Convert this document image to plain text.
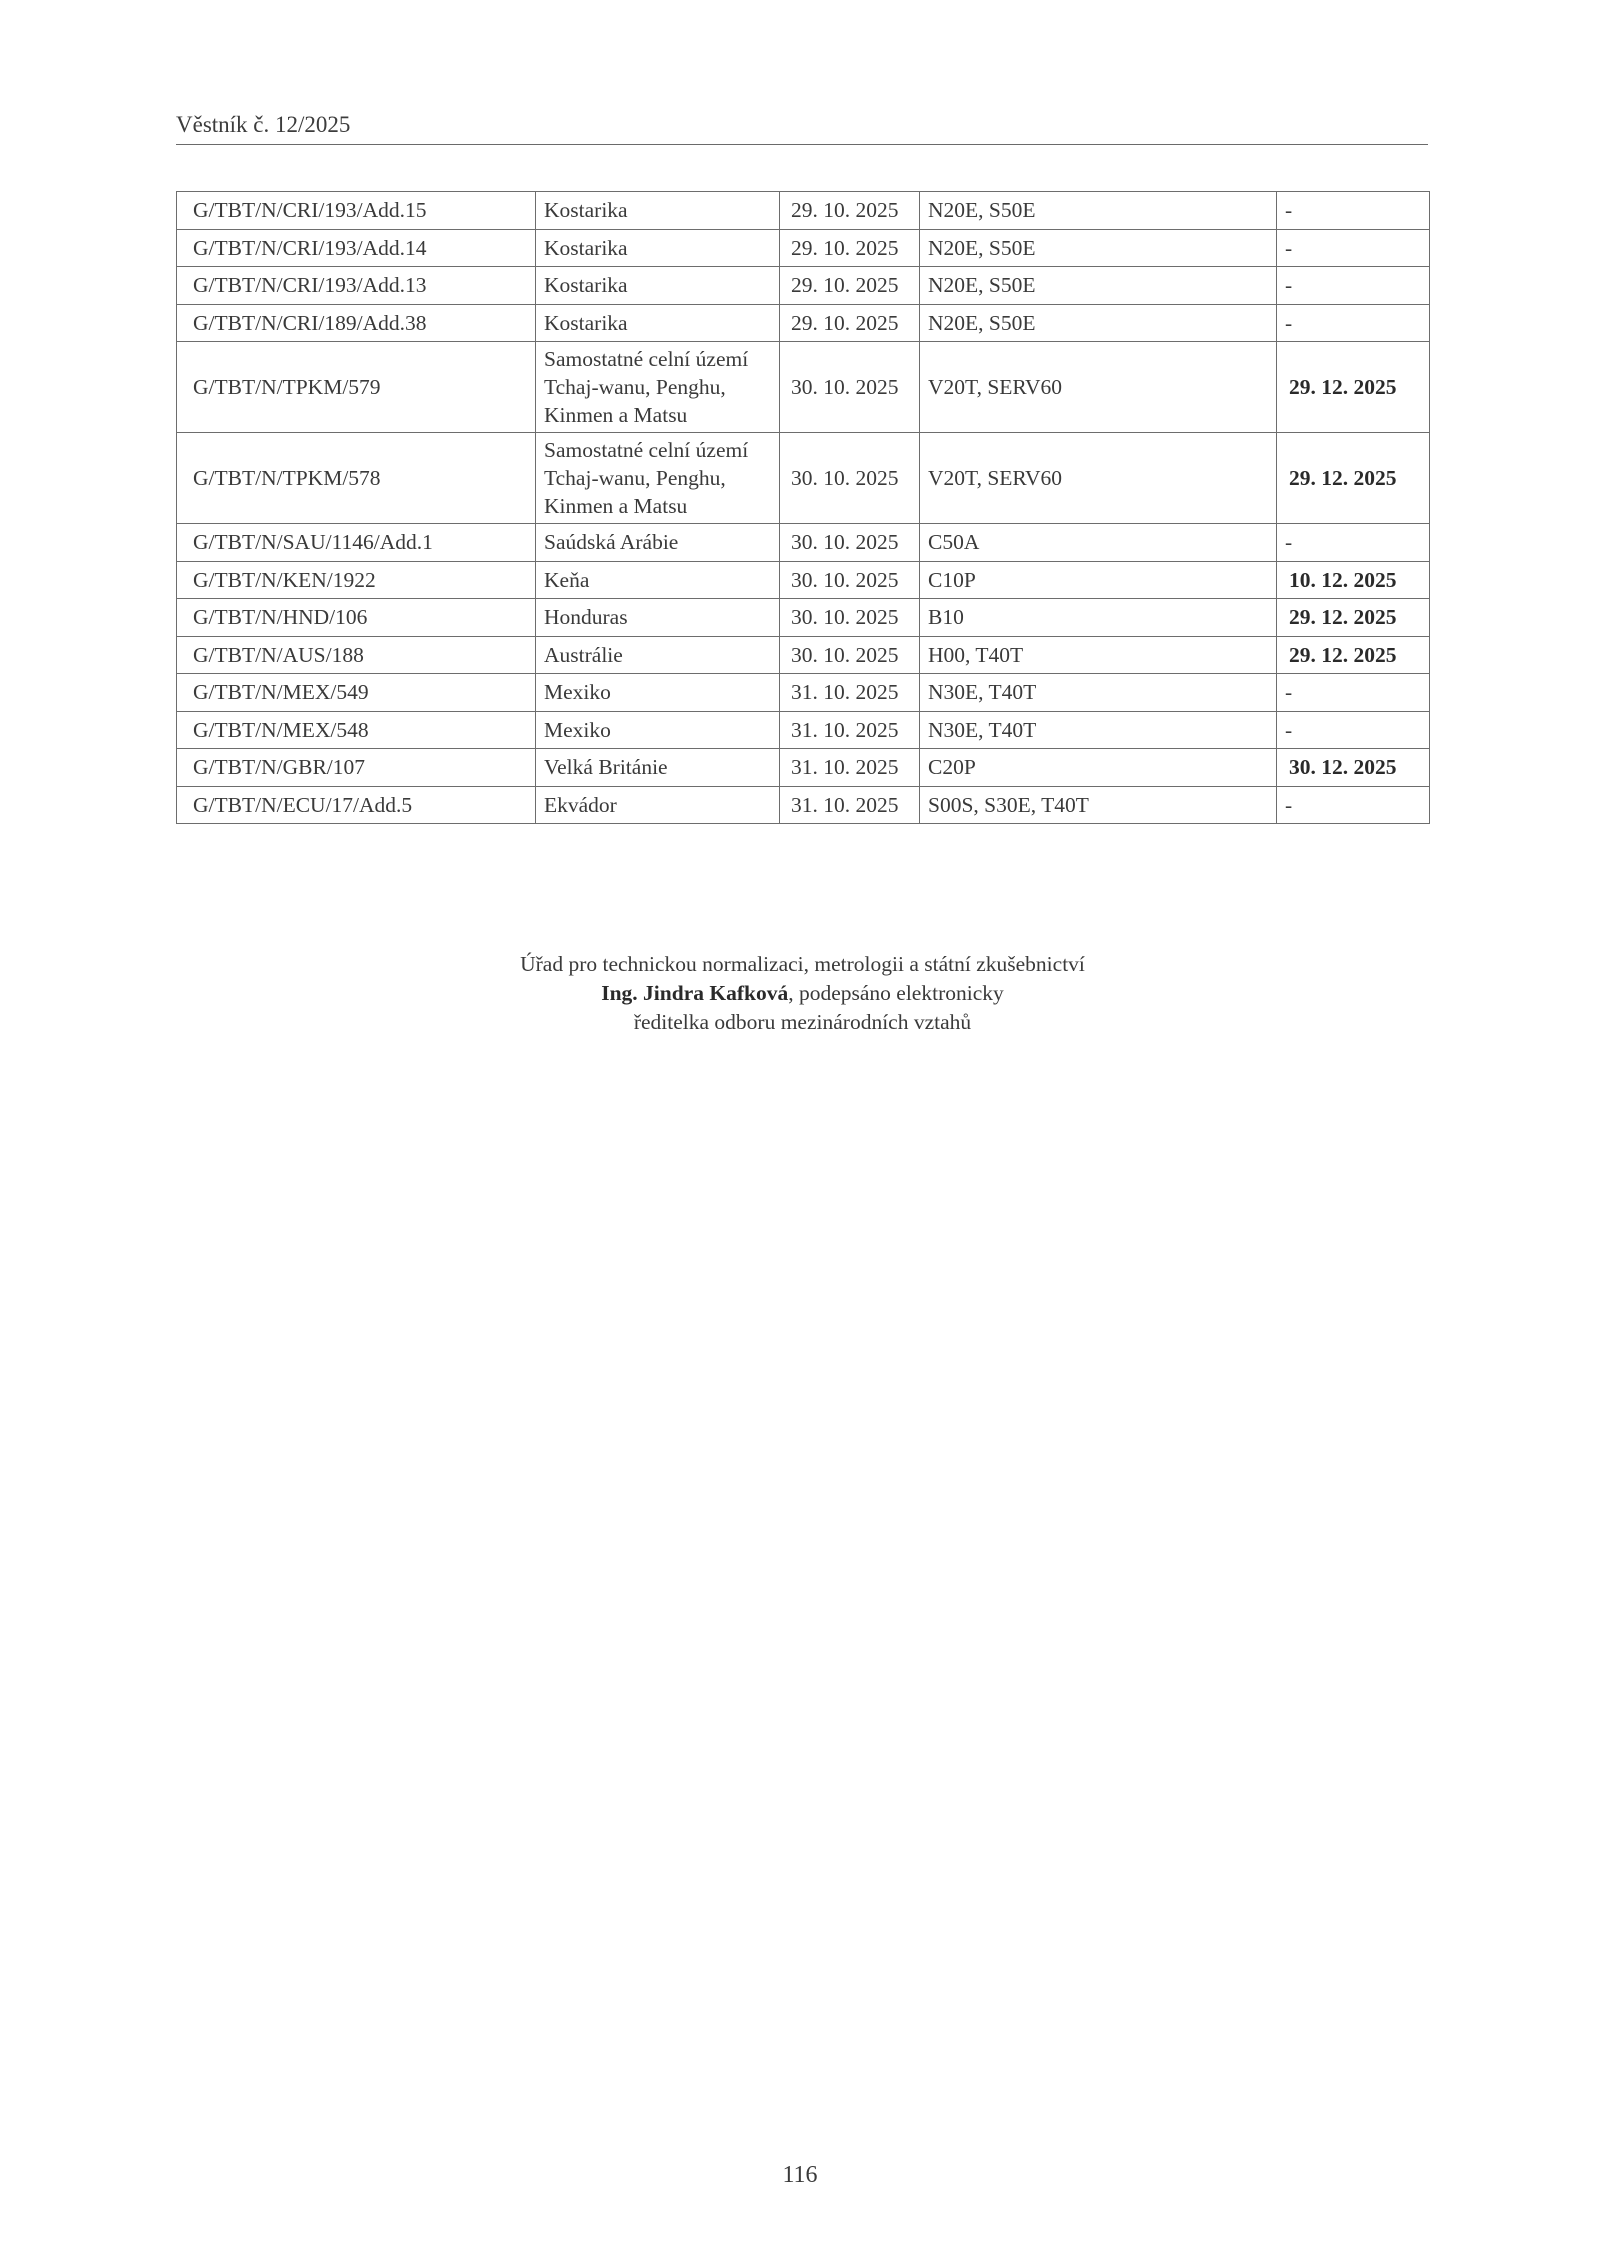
Věstník č. 12/2025
G/TBT/N/CRI/193/Add.15	Kostarika	29. 10. 2025	N20E, S50E	-
G/TBT/N/CRI/193/Add.14	Kostarika	29. 10. 2025	N20E, S50E	-
G/TBT/N/CRI/193/Add.13	Kostarika	29. 10. 2025	N20E, S50E	-
G/TBT/N/CRI/189/Add.38	Kostarika	29. 10. 2025	N20E, S50E	-
G/TBT/N/TPKM/579	Samostatné celní území
Tchaj-wanu, Penghu,
Kinmen a Matsu	30. 10. 2025	V20T, SERV60	29. 12. 2025
G/TBT/N/TPKM/578	Samostatné celní území
Tchaj-wanu, Penghu,
Kinmen a Matsu	30. 10. 2025	V20T, SERV60	29. 12. 2025
G/TBT/N/SAU/1146/Add.1	Saúdská Arábie	30. 10. 2025	C50A	-
G/TBT/N/KEN/1922	Keňa	30. 10. 2025	C10P	10. 12. 2025
G/TBT/N/HND/106	Honduras	30. 10. 2025	B10	29. 12. 2025
G/TBT/N/AUS/188	Austrálie	30. 10. 2025	H00, T40T	29. 12. 2025
G/TBT/N/MEX/549	Mexiko	31. 10. 2025	N30E, T40T	-
G/TBT/N/MEX/548	Mexiko	31. 10. 2025	N30E, T40T	-
G/TBT/N/GBR/107	Velká Británie	31. 10. 2025	C20P	30. 12. 2025
G/TBT/N/ECU/17/Add.5	Ekvádor	31. 10. 2025	S00S, S30E, T40T	-
Úřad pro technickou normalizaci, metrologii a státní zkušebnictví
Ing. Jindra Kafková, podepsáno elektronicky
ředitelka odboru mezinárodních vztahů
116
